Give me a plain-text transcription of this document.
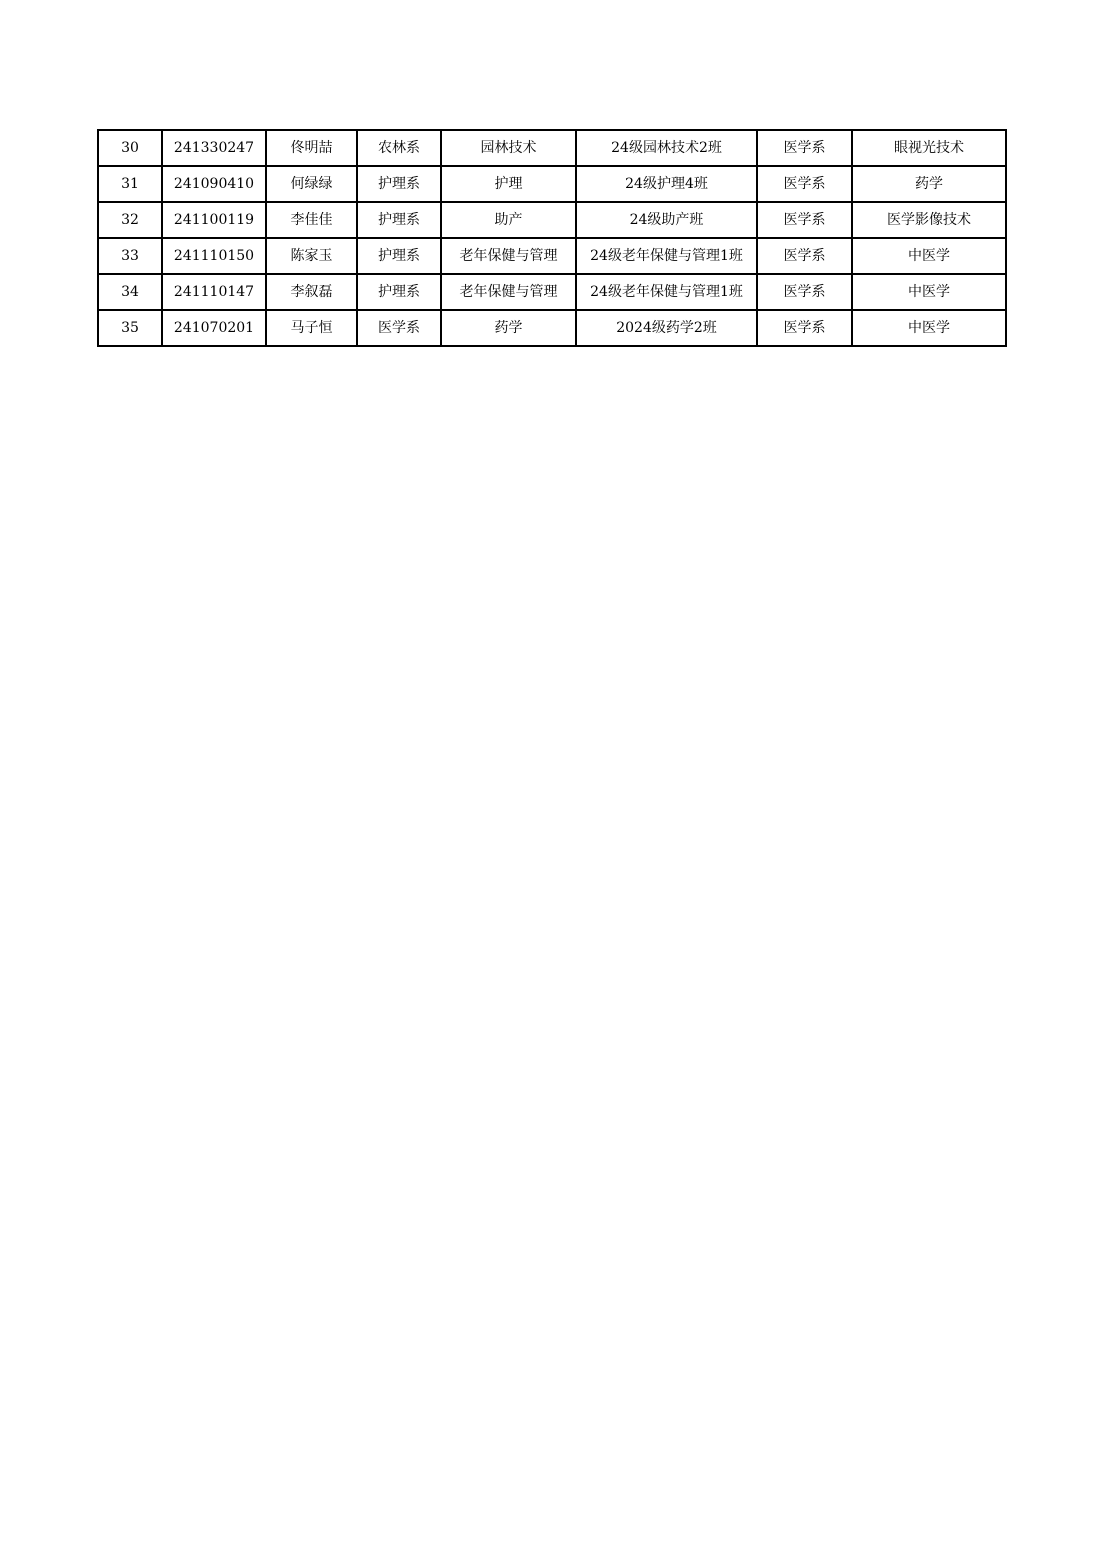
30	241330247	佟明喆	农林系	园林技术	24级园林技术2班	医学系	眼视光技术
31	241090410	何绿绿	护理系	护理	24级护理4班	医学系	药学
32	241100119	李佳佳	护理系	助产	24级助产班	医学系	医学影像技术
33	241110150	陈家玉	护理系	老年保健与管理	24级老年保健与管理1班	医学系	中医学
34	241110147	李叙磊	护理系	老年保健与管理	24级老年保健与管理1班	医学系	中医学
35	241070201	马子恒	医学系	药学	2024级药学2班	医学系	中医学
